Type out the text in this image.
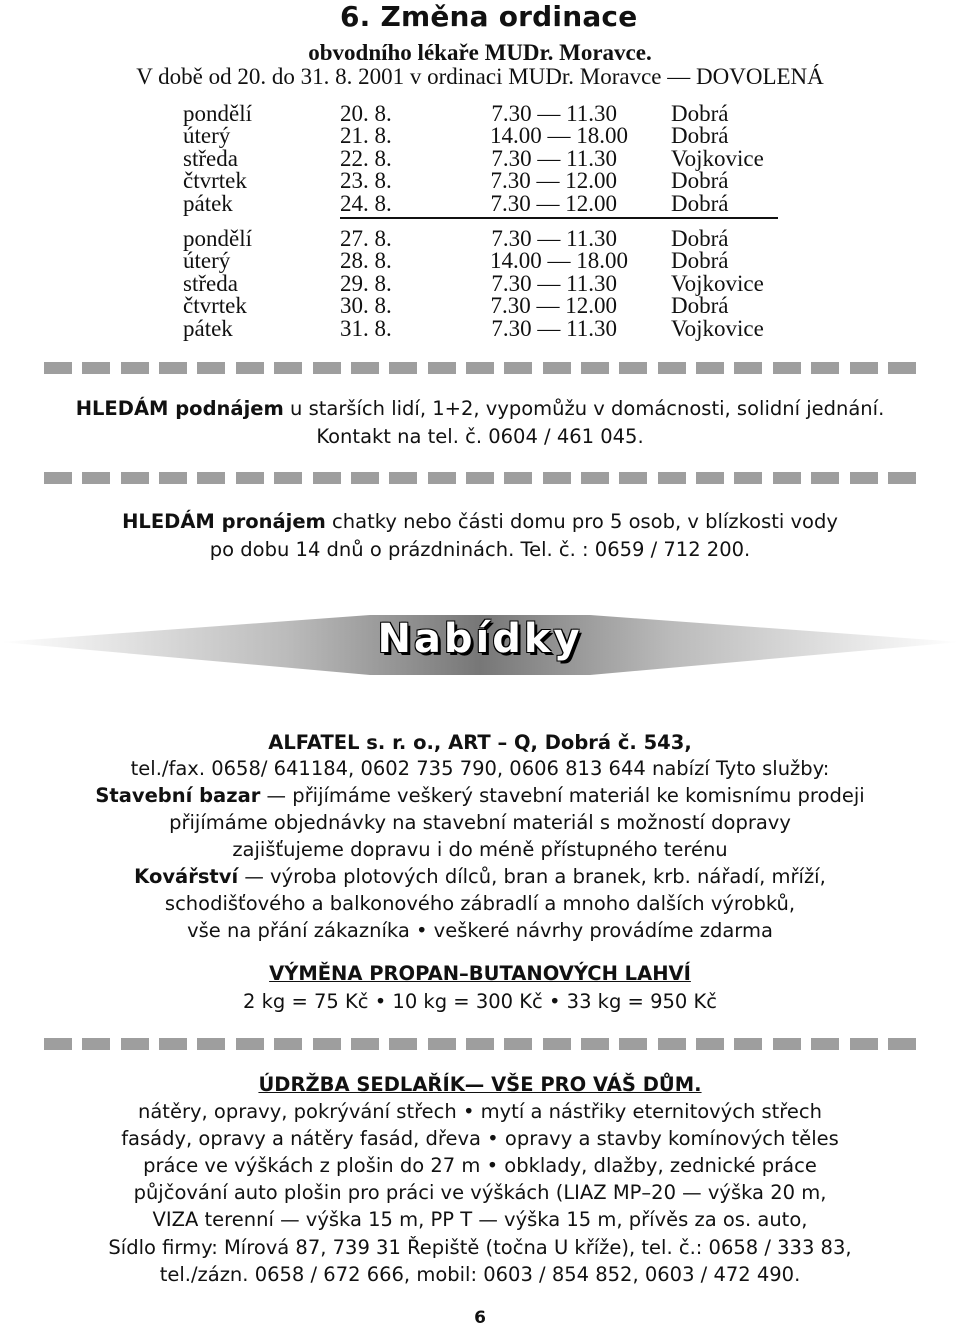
6. Změna ordinace
obvodního lékaře MUDr. Moravce.
V době od 20. do 31. 8. 2001 v ordinaci MUDr. Moravce — DOVOLENÁ
pondělí	20. 8.	7.30 — 11.30 Dobrá
úterý	21. 8.	14.00 — 18.00 Dobrá
středa	22. 8.	7.30 — 11.30 Vojkovice
čtvrtek	23. 8.	7.30 — 12.00 Dobrá
pátek	24. 8.	7.30 — 12.00 Dobrá
pondělí	27. 8.	7.30 — 11.30 Dobrá
úterý	28. 8.	14.00 — 18.00 Dobrá
středa	29. 8.	7.30 — 11.30 Vojkovice
čtvrtek	30. 8.	7.30 — 12.00 Dobrá
pátek	31. 8.	7.30 — 11.30 Vojkovice
HLEDÁM podnájem u starších lidí, 1+2, vypomůžu v domácnosti, solidní jednání.
Kontakt na tel. č. 0604 / 461 045.
HLEDÁM pronájem chatky nebo části domu pro 5 osob, v blízkosti vody
po dobu 14 dnů o prázdninách. Tel. č. : 0659 / 712 200.
Nabídky
ALFATEL s. r. o., ART – Q, Dobrá č. 543,
tel./fax. 0658/ 641184, 0602 735 790, 0606 813 644 nabízí Tyto služby:
Stavební bazar — přijímáme veškerý stavební materiál ke komisnímu prodeji
přijímáme objednávky na stavební materiál s možností dopravy
zajišťujeme dopravu i do méně přístupného terénu
Kovářství — výroba plotových dílců, bran a branek, krb. nářadí, mříží,
schodišťového a balkonového zábradlí a mnoho dalších výrobků,
vše na přání zákazníka • veškeré návrhy provádíme zdarma
VÝMĚNA PROPAN–BUTANOVÝCH LAHVÍ
2 kg = 75 Kč • 10 kg = 300 Kč • 33 kg = 950 Kč
ÚDRŽBA SEDLAŘÍK— VŠE PRO VÁŠ DŮM.
nátěry, opravy, pokrývání střech • mytí a nástřiky eternitových střech
fasády, opravy a nátěry fasád, dřeva • opravy a stavby komínových těles
práce ve výškách z plošin do 27 m • obklady, dlažby, zednické práce
půjčování auto plošin pro práci ve výškách (LIAZ MP–20 — výška 20 m,
VIZA terenní — výška 15 m, PP T — výška 15 m, přívěs za os. auto,
Sídlo firmy: Mírová 87, 739 31 Řepiště (točna U kříže), tel. č.: 0658 / 333 83,
tel./zázn. 0658 / 672 666, mobil: 0603 / 854 852, 0603 / 472 490.
6
